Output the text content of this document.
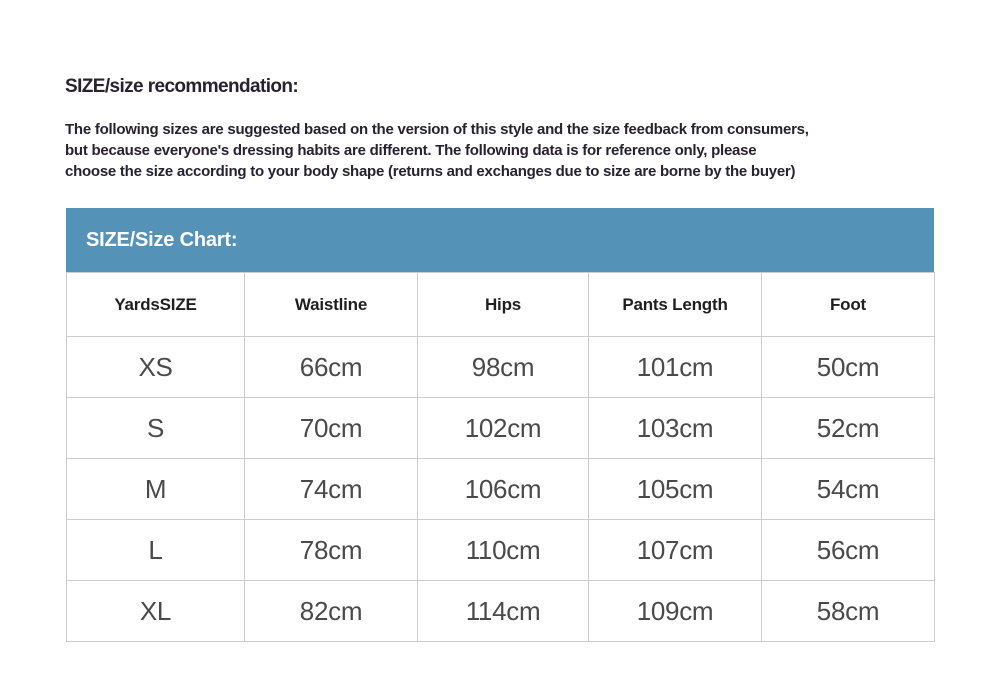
SIZE/size recommendation:
The following sizes are suggested based on the version of this style and the size feedback from consumers,
but because everyone's dressing habits are different. The following data is for reference only, please
choose the size according to your body shape (returns and exchanges due to size are borne by the buyer)
SIZE/Size Chart:
YardsSIZE	Waistline	Hips	Pants Length	Foot
XS	66cm	98cm	101cm	50cm
S	70cm	102cm	103cm	52cm
M	74cm	106cm	105cm	54cm
L	78cm	110cm	107cm	56cm
XL	82cm	114cm	109cm	58cm
